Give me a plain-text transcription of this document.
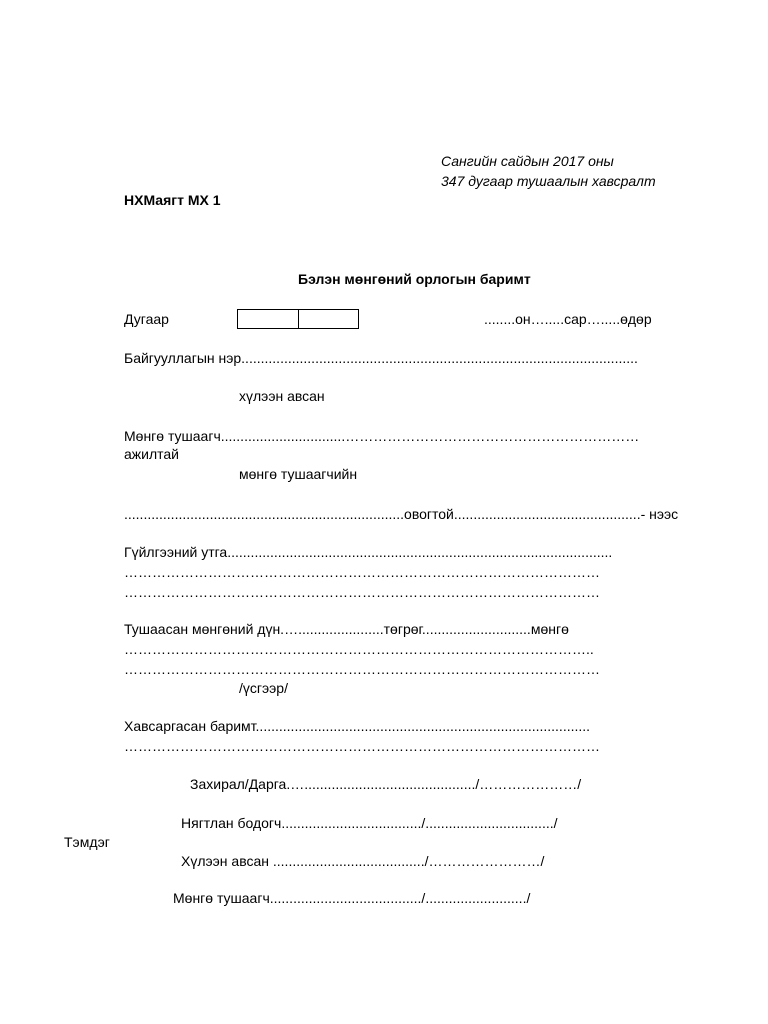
Сангийн сайдын 2017 оны
347 дугаар тушаалын хавсралт
НХМаягт МХ 1
Бэлэн мөнгөний орлогын баримт
Дугаар	........он….....сар….....өдөр
Байгууллагын нэр......................................................................................................
хүлээн авсан
Мөнгө тушаагч................................………………………………………………………
ажилтай
мөнгө тушаагчийн
........................................................................овогтой................................................- нээс
Гүйлгээний утга...................................................................................................
…………………………………………………………………………………………
…………………………………………………………………………………………
Тушаасан мөнгөний дүн.…......................төгрөг............................мөнгө
………………………………………………………………………………………..
…………………………………………………………………………………………
/үсгээр/
Хавсаргасан баримт......................................................................................
…………………………………………………………………………………………
Захирал/Дарга.…............................................/…………………/
Нягтлан бодогч..................................../................................./
Тэмдэг
Хүлээн авсан ......................................./……………………/
Мөнгө тушаагч......................................./........................../
